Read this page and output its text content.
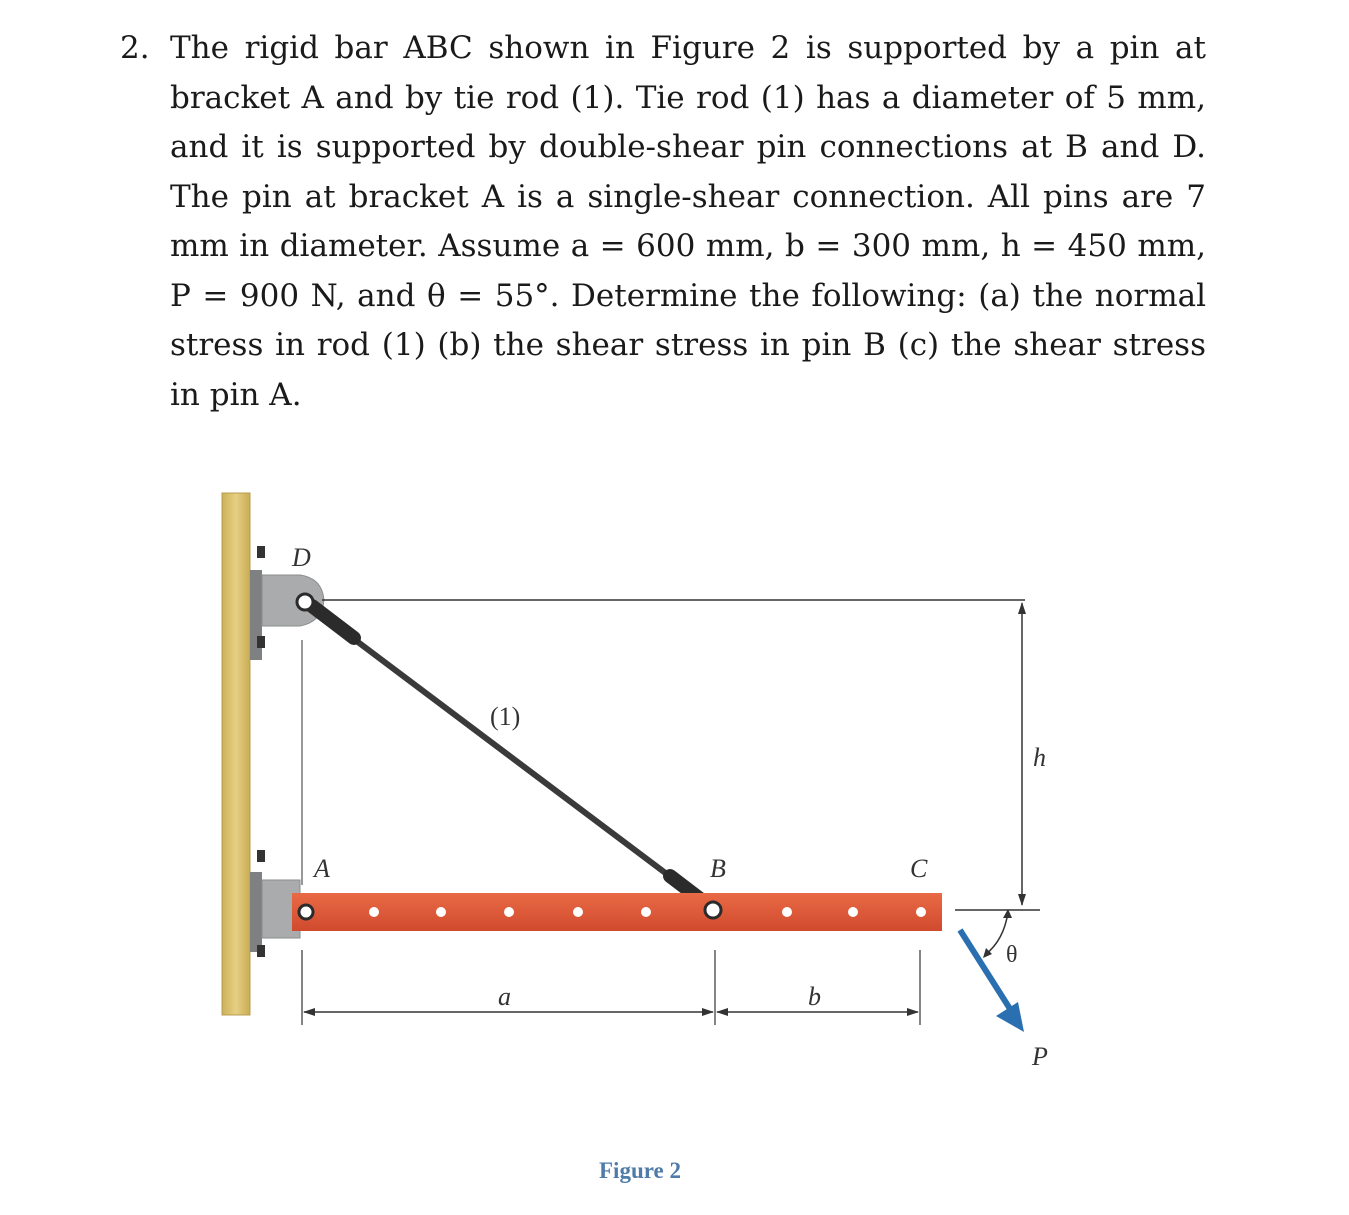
2. The rigid bar ABC shown in Figure 2 is supported by a pin at bracket A and by tie rod (1). Tie rod (1) has a diameter of 5 mm, and it is supported by double-shear pin connections at B and D. The pin at bracket A is a single-shear connection. All pins are 7 mm in diameter. Assume a = 600 mm, b = 300 mm, h = 450 mm, P = 900 N, and θ = 55°. Determine the following: (a) the normal stress in rod (1) (b) the shear stress in pin B (c) the shear stress in pin A.
D
A	B	C
(1)
a	b
h
θ
P
Figure 2
